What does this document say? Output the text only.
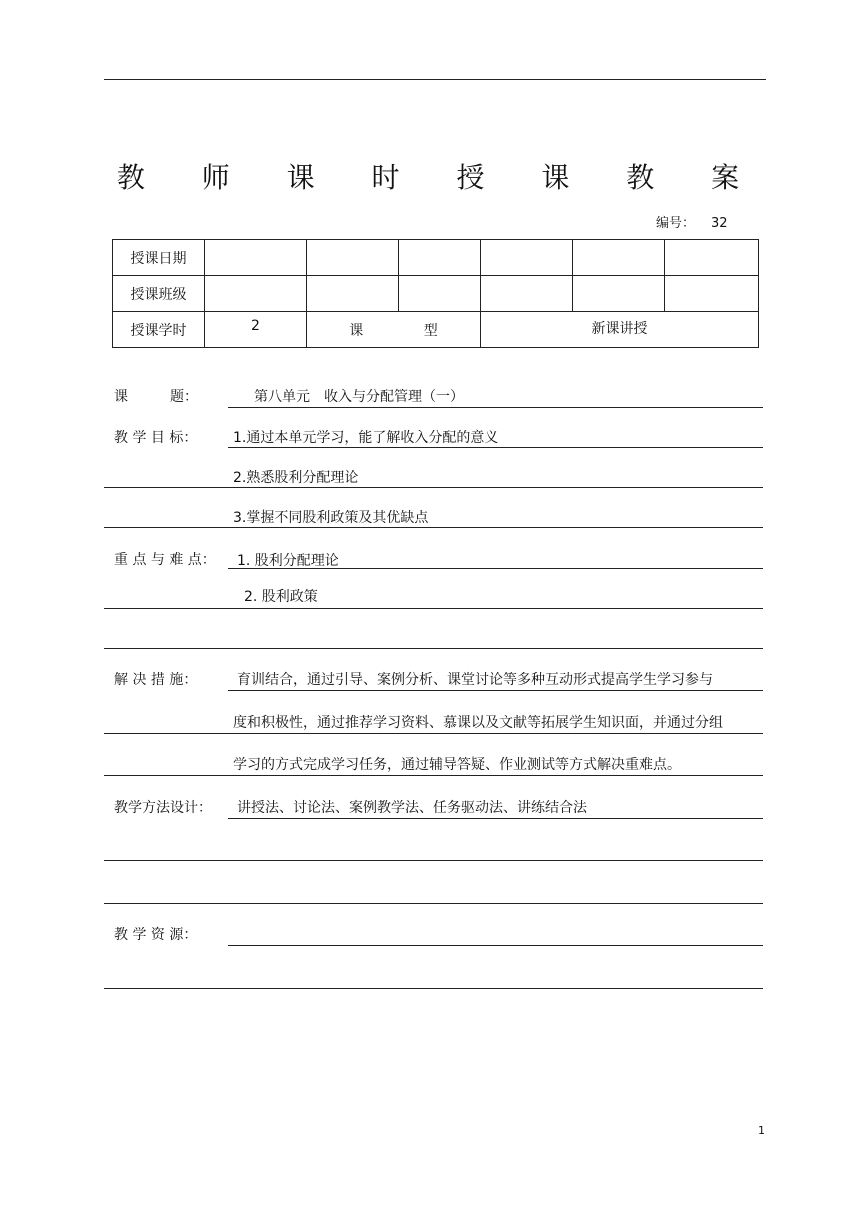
教 师 课 时 授 课 教 案
编号： 32
授课日期						
授课班级						
授课学时	2	课 型		新课讲授		
课　　　题：	第八单元　收入与分配管理（一）
教 学 目 标：	1.通过本单元学习，能了解收入分配的意义
2.熟悉股利分配理论
3.掌握不同股利政策及其优缺点
重 点 与 难 点： 1. 股利分配理论
2. 股利政策
解 决 措 施：	育训结合，通过引导、案例分析、课堂讨论等多种互动形式提高学生学习参与
度和积极性，通过推荐学习资料、慕课以及文献等拓展学生知识面，并通过分组
学习的方式完成学习任务，通过辅导答疑、作业测试等方式解决重难点。
教学方法设计： 讲授法、讨论法、案例教学法、任务驱动法、讲练结合法
教 学 资 源：
1
